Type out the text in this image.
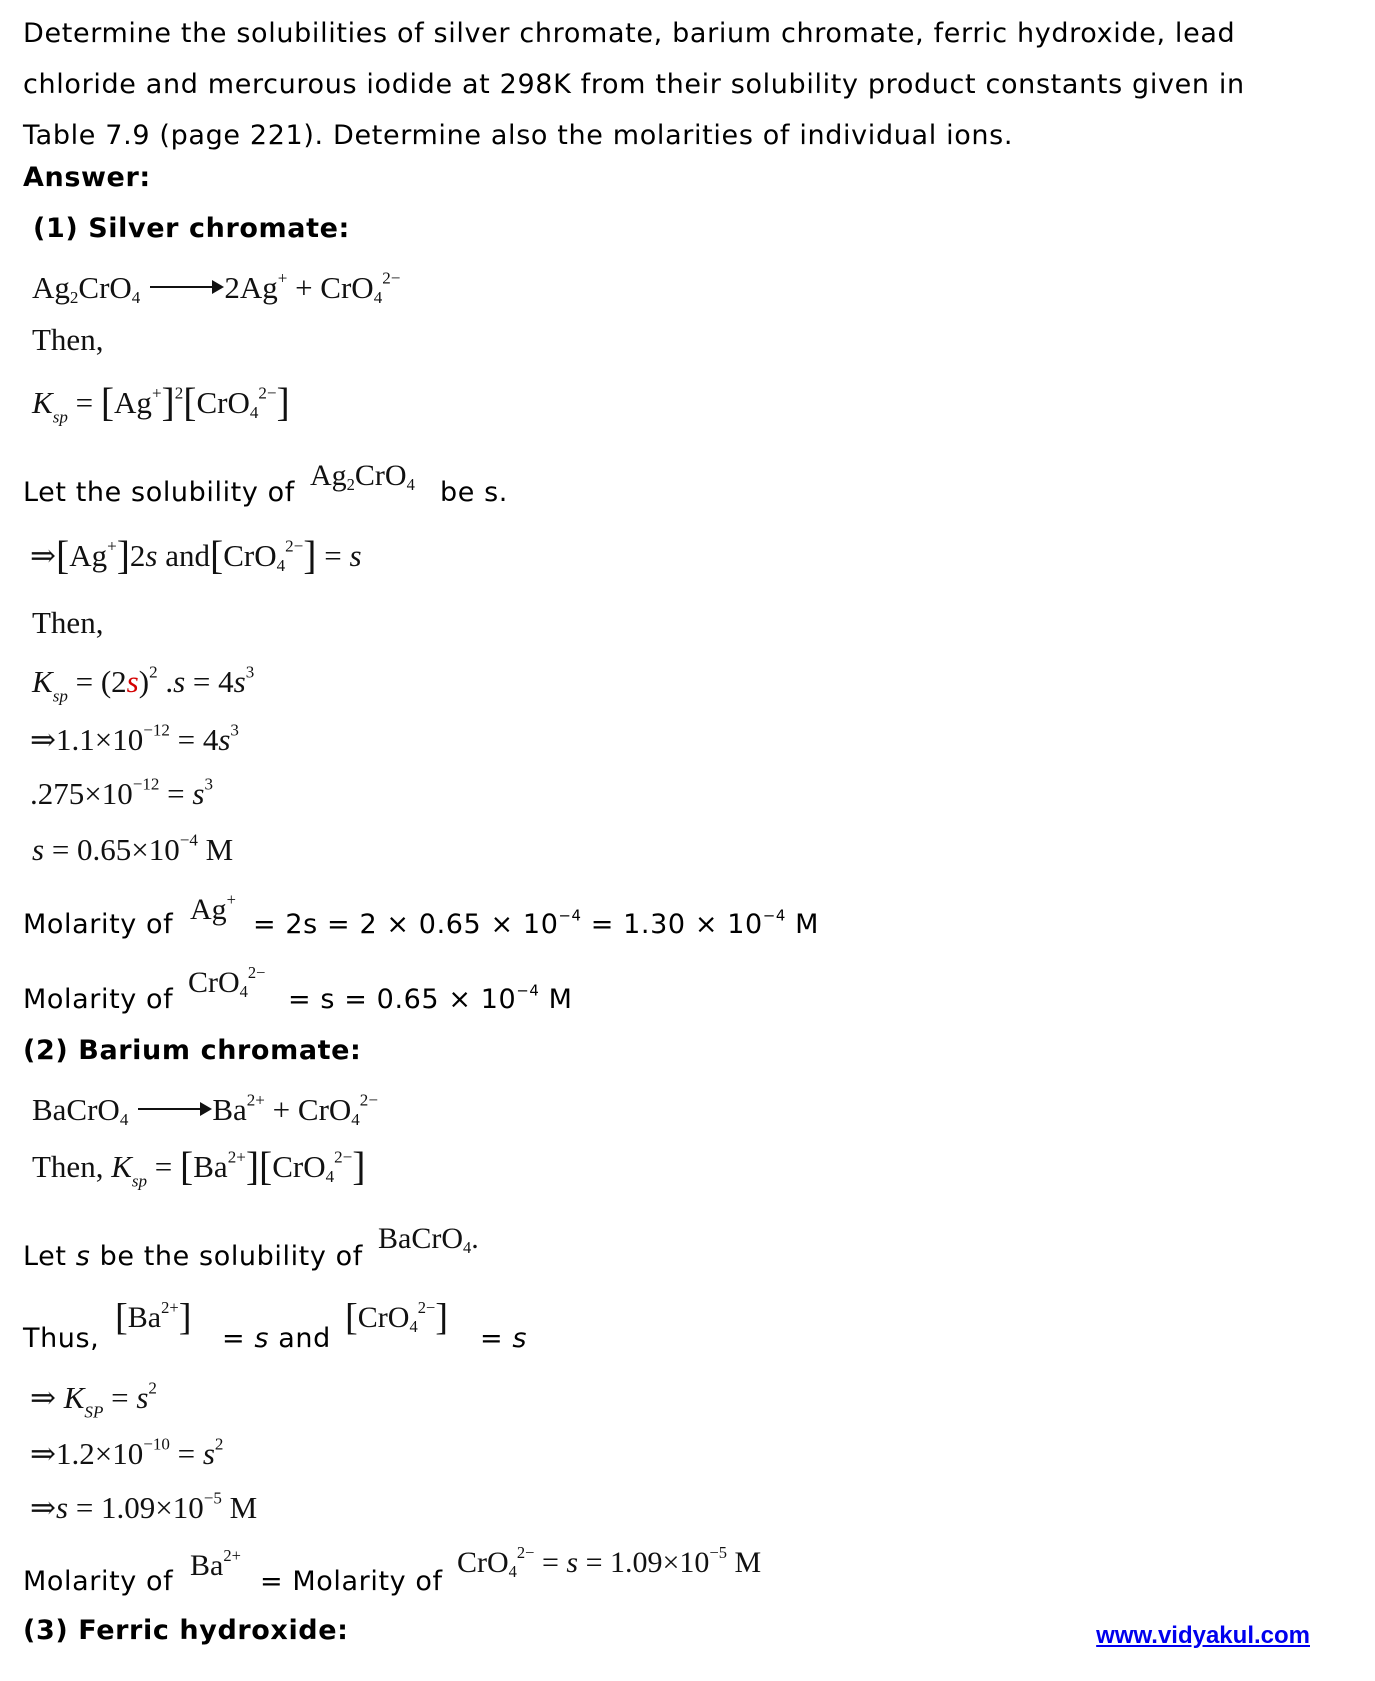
Determine the solubilities of silver chromate, barium chromate, ferric hydroxide, lead

chloride and mercurous iodide at 298K from their solubility product constants given in

Table 7.9 (page 221). Determine also the molarities of individual ions.

Answer:
(1) Silver chromate:
$Ag_2CrO_4 \to 2Ag^+ + CrO_4^{2-}$
Then,
$K_{sp} = [Ag^+]^2[CrO_4^{2-}]$
Let the solubility of
$Ag_2CrO_4$ be s.
⇒[Ag+]2s and[CrO$_4^{2-}$] = s
Then,
$K_{sp} = (2s)^2$ $.s = 4s^3$
$\Rightarrow 1.1\times 10^{-12} = 4s^3$
$.275\times 10^{-12} = s^3$
$s = 0.65\times 10^{-4}$ M
Molarity of Ag+
= $2s = 2 \times 0.65 \times 10^{-4} = 1.30 \times 10^{-4}$ M
Molarity of
CrO$_4^{2-}$
= $s = 0.65 \times 10^{-4}$ M
(2) Barium chromate:
BaCrO$_4$ → $Ba^{2+} + CrO_4^{2-}$
Then, $K_{sp} = [Ba^{2+}][CrO_4^{2-}]$
Let s be the solubility of
BaCrO$_4$.
Thus,
$[Ba^{2+}]$
= s and
[CrO$_4^{2-}$]
= s
⇒ $K_{SP} = s^2$
$\Rightarrow 1.2\times 10^{-10} = s^2$
⇒s = $1.09\times 10^{-5}$ M
Molarity of $Ba^{2+}$
= Molarity of
$CrO_4^{2-} = s = 1.09\times 10^{-5}$ M
(3) Ferric hydroxide:	www.vidyakul.com
